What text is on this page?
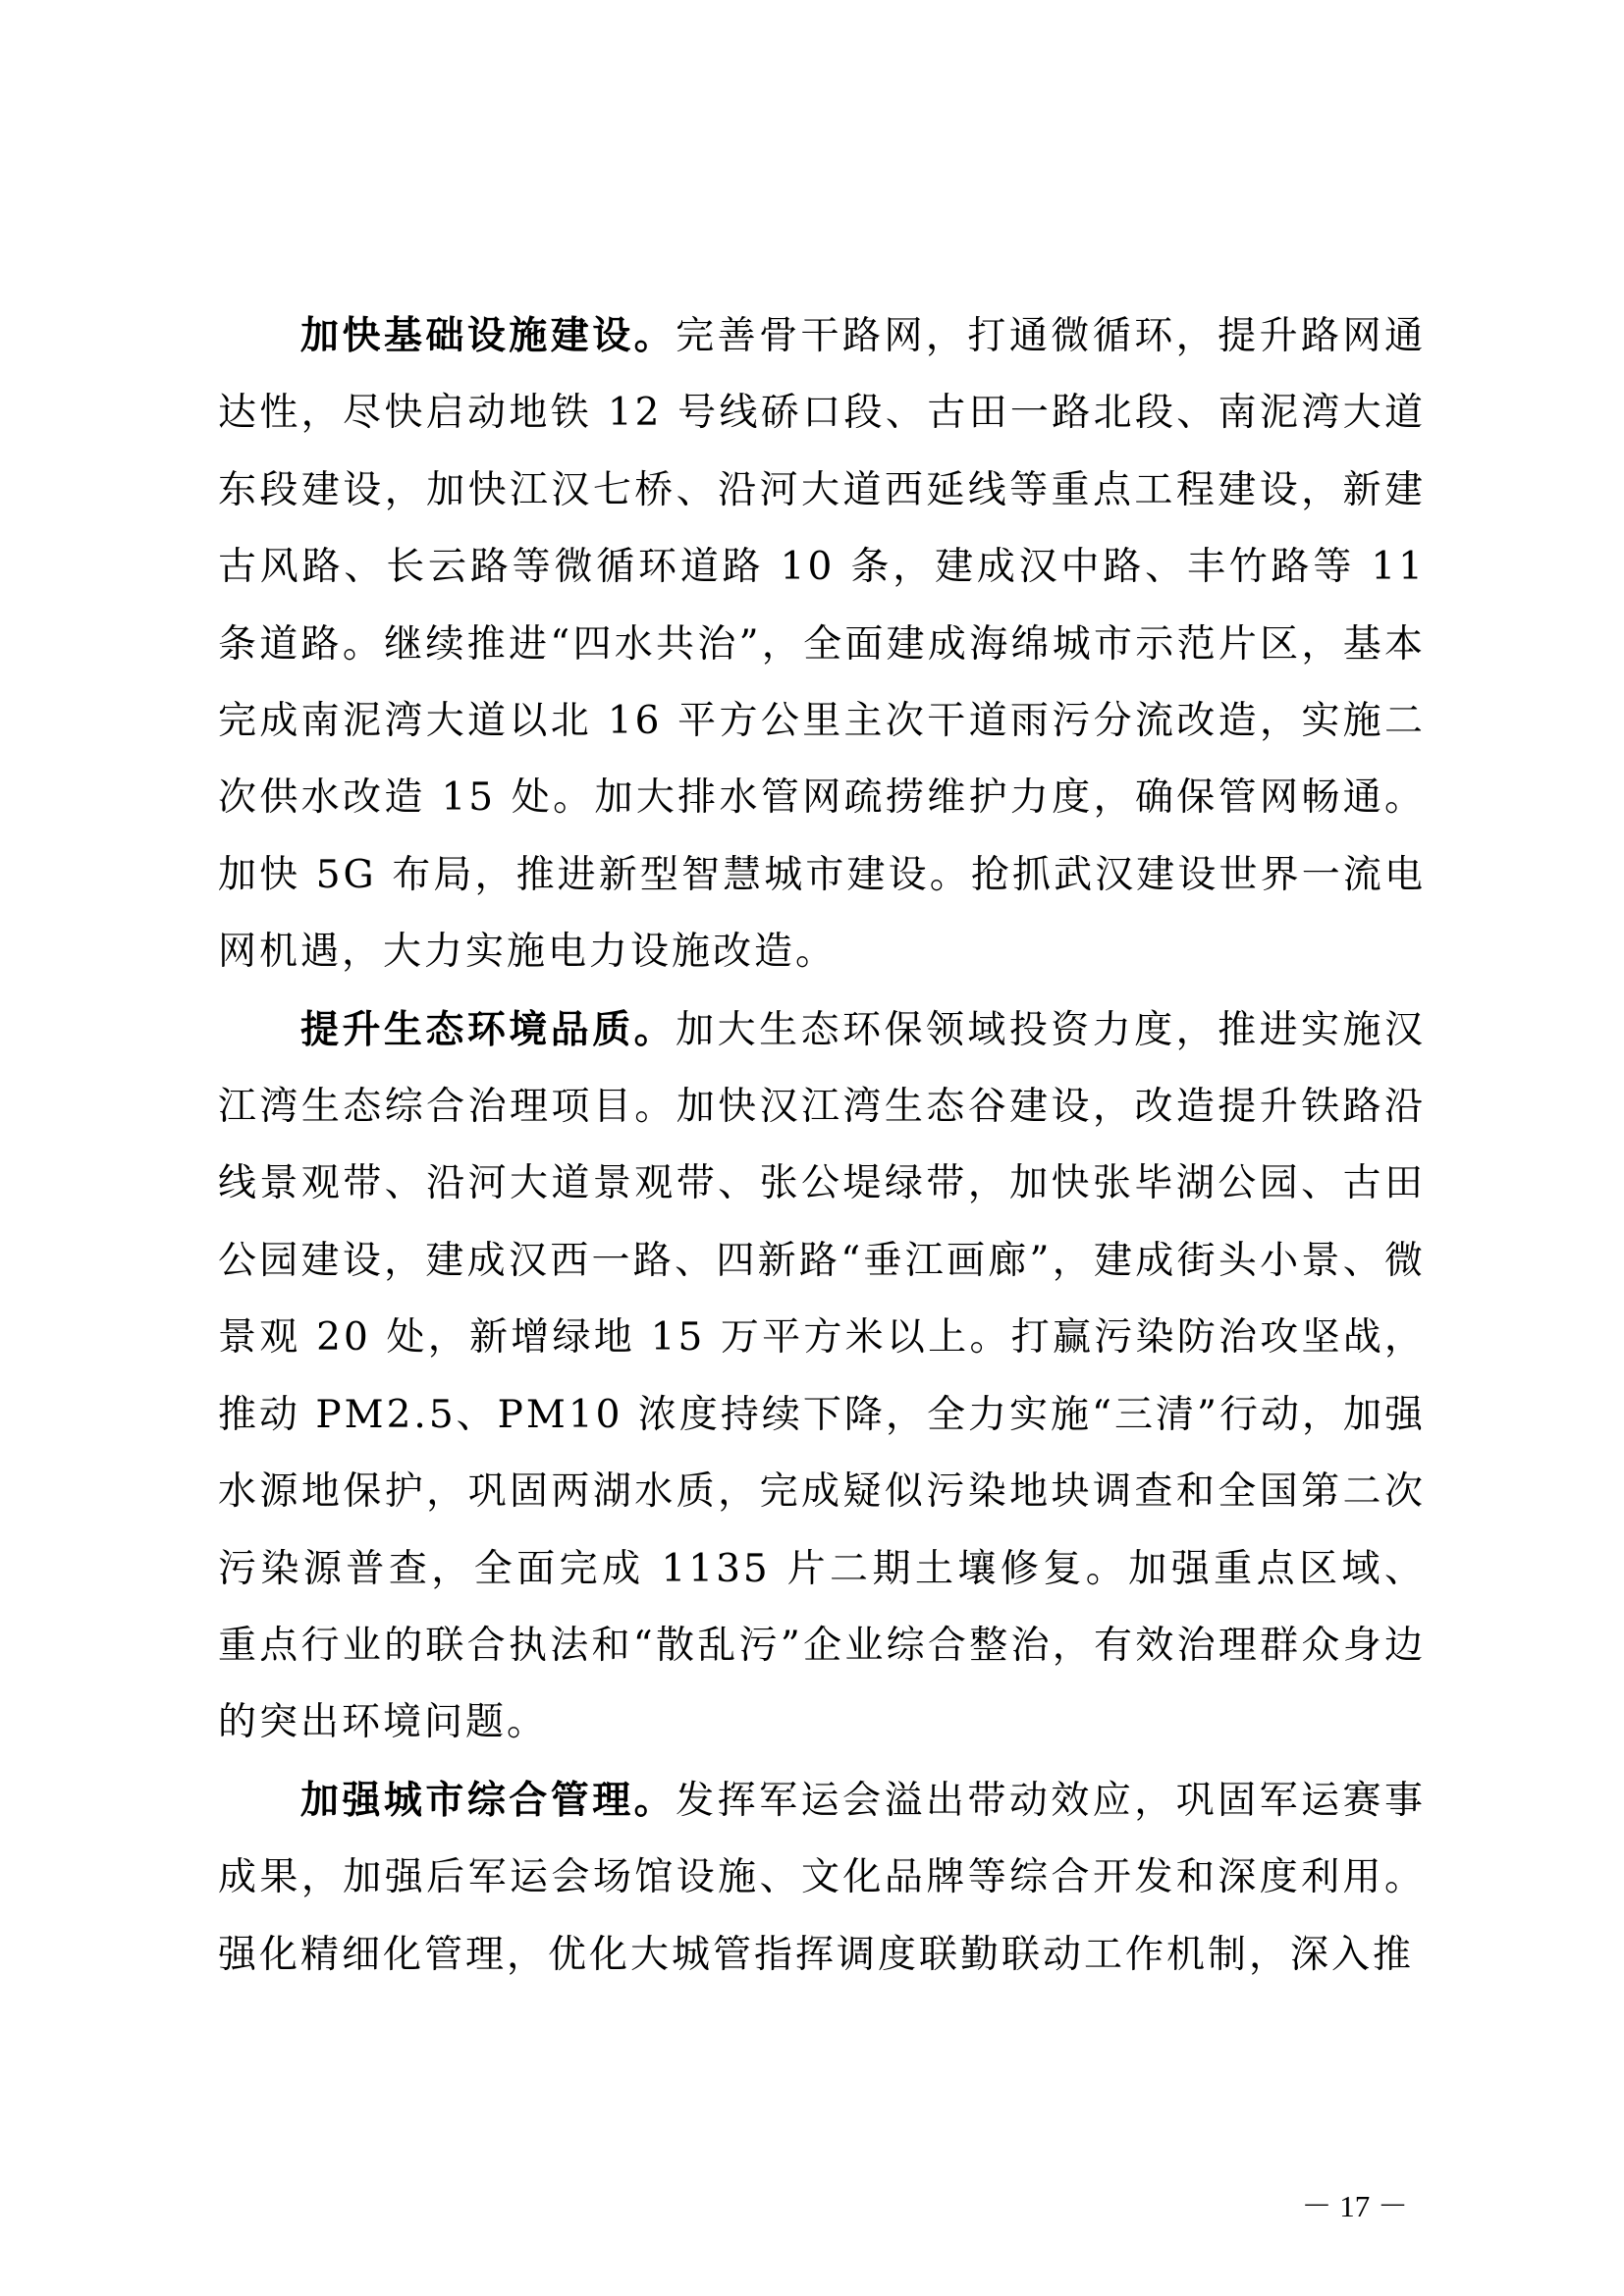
加快基础设施建设。完善骨干路网，打通微循环，提升路网通达性，尽快启动地铁 12 号线硚口段、古田一路北段、南泥湾大道东段建设，加快江汉七桥、沿河大道西延线等重点工程建设，新建古风路、长云路等微循环道路 10 条，建成汉中路、丰竹路等 11 条道路。继续推进“四水共治”，全面建成海绵城市示范片区，基本完成南泥湾大道以北 16 平方公里主次干道雨污分流改造，实施二次供水改造 15 处。加大排水管网疏捞维护力度，确保管网畅通。加快 5G 布局，推进新型智慧城市建设。抢抓武汉建设世界一流电网机遇，大力实施电力设施改造。

提升生态环境品质。加大生态环保领域投资力度，推进实施汉江湾生态综合治理项目。加快汉江湾生态谷建设，改造提升铁路沿线景观带、沿河大道景观带、张公堤绿带，加快张毕湖公园、古田公园建设，建成汉西一路、四新路“垂江画廊”，建成街头小景、微景观 20 处，新增绿地 15 万平方米以上。打赢污染防治攻坚战，推动 PM2.5、PM10 浓度持续下降，全力实施“三清”行动，加强水源地保护，巩固两湖水质，完成疑似污染地块调查和全国第二次污染源普查，全面完成 1135 片二期土壤修复。加强重点区域、重点行业的联合执法和“散乱污”企业综合整治，有效治理群众身边的突出环境问题。

加强城市综合管理。发挥军运会溢出带动效应，巩固军运赛事成果，加强后军运会场馆设施、文化品牌等综合开发和深度利用。强化精细化管理，优化大城管指挥调度联勤联动工作机制，深入推

－ 17 －
